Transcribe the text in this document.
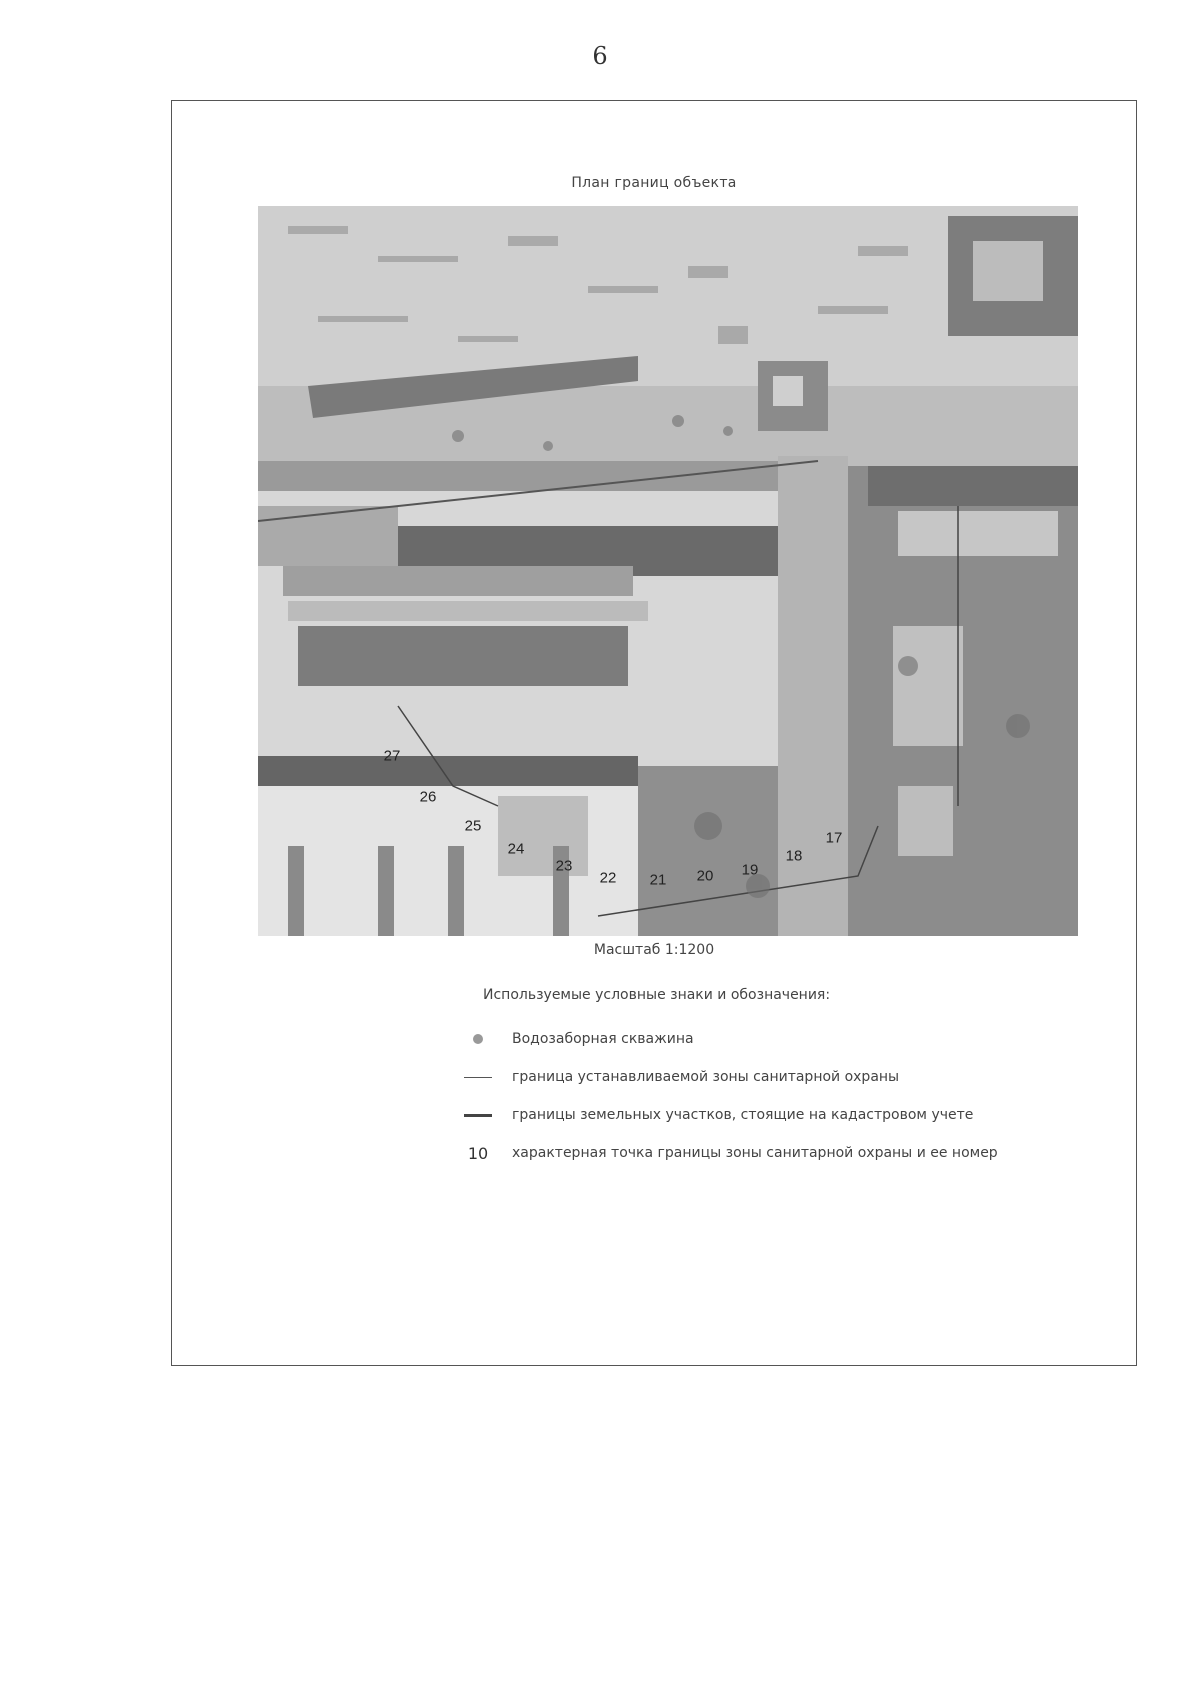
6
План границ объекта
17
18
19
20
21
22
23
24
25
26
27
Масштаб 1:1200
Используемые условные знаки и обозначения:
Водозаборная скважина
граница устанавливаемой зоны санитарной охраны
границы земельных участков, стоящие на кадастровом учете
10	характерная точка границы зоны санитарной охраны и ее номер
